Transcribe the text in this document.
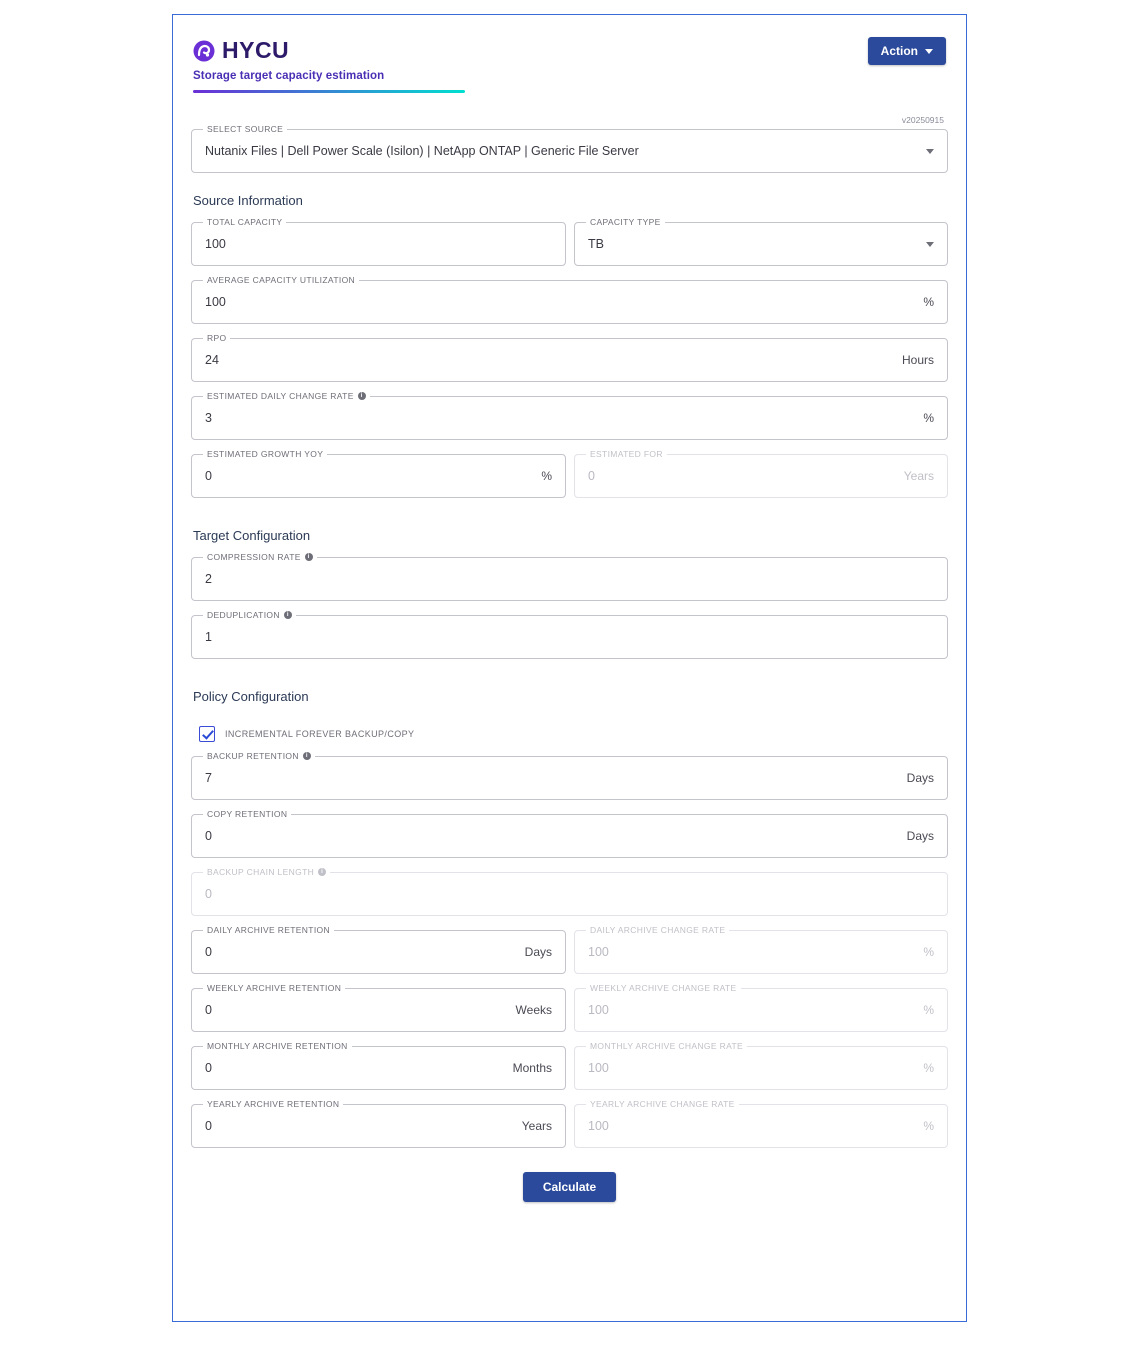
HYCU
Storage target capacity estimation
Action
v20250915
SELECT SOURCE
Nutanix Files | Dell Power Scale (Isilon) | NetApp ONTAP | Generic File Server
Source Information
TOTAL CAPACITY
100
CAPACITY TYPE
TB
AVERAGE CAPACITY UTILIZATION
100	%
RPO
24	Hours
ESTIMATED DAILY CHANGE RATE	i
3	%
ESTIMATED GROWTH YOY
0	%
ESTIMATED FOR
0	Years
Target Configuration
COMPRESSION RATE	i
2
DEDUPLICATION	i
1
Policy Configuration
INCREMENTAL FOREVER BACKUP/COPY
BACKUP RETENTION	i
7	Days
COPY RETENTION
0	Days
BACKUP CHAIN LENGTH	i
0
DAILY ARCHIVE RETENTION
0	Days
DAILY ARCHIVE CHANGE RATE
100	%
WEEKLY ARCHIVE RETENTION
0	Weeks
WEEKLY ARCHIVE CHANGE RATE
100	%
MONTHLY ARCHIVE RETENTION
0	Months
MONTHLY ARCHIVE CHANGE RATE
100	%
YEARLY ARCHIVE RETENTION
0	Years
YEARLY ARCHIVE CHANGE RATE
100	%
Calculate
